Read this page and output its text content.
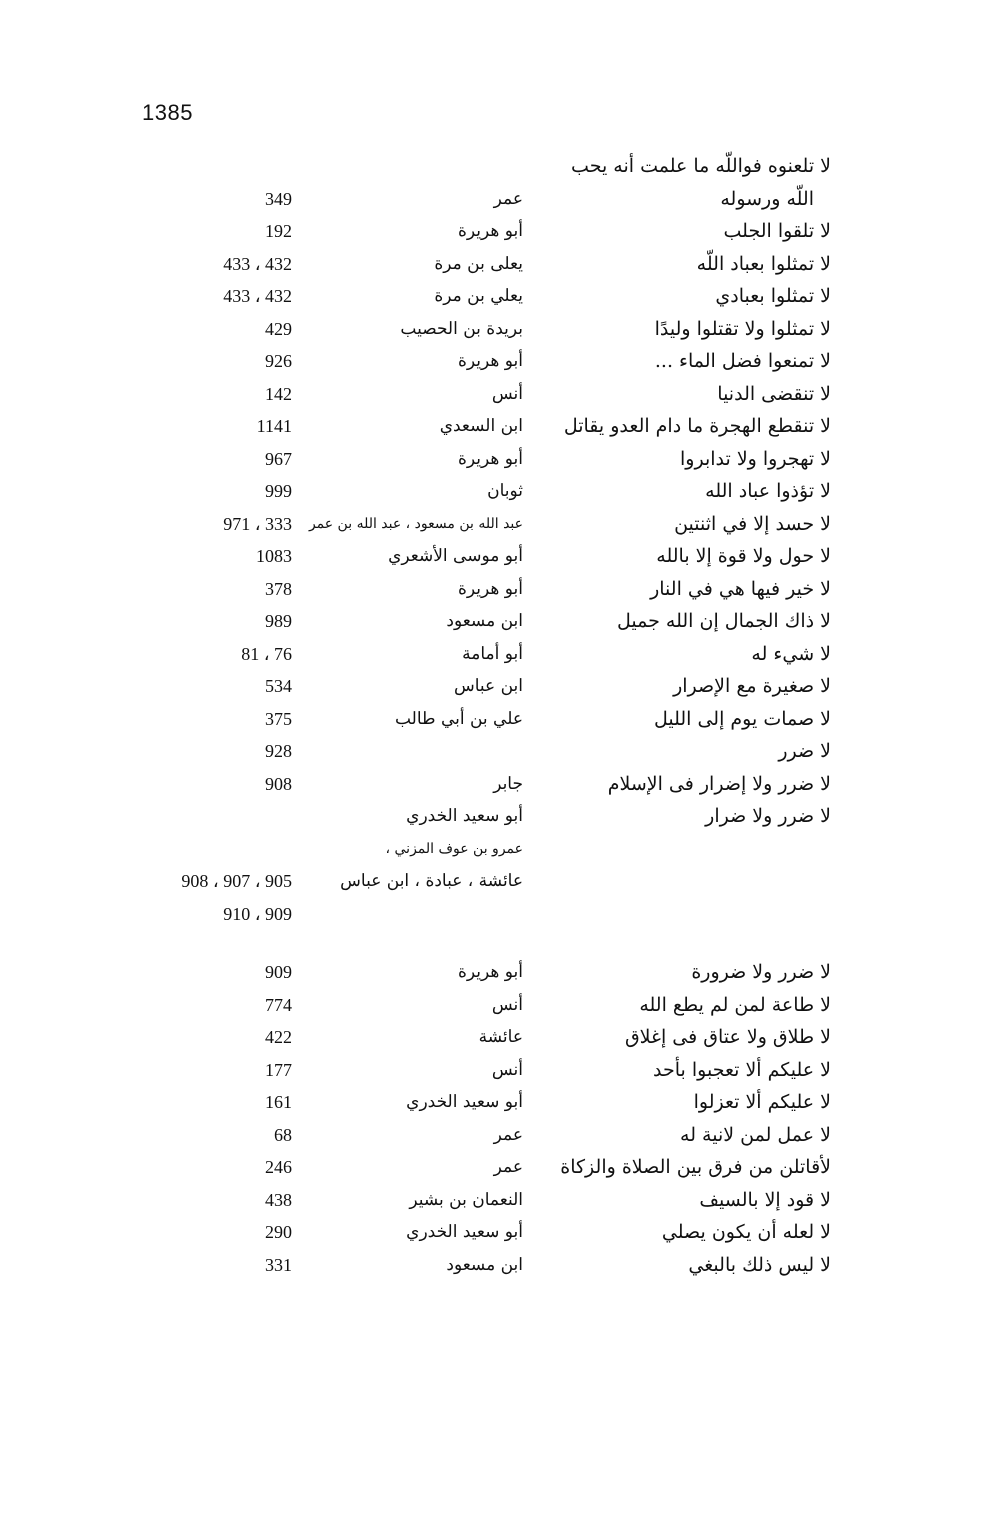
1385
لا تلعنوه فواللّه ما علمت أنه يحب
اللّه ورسوله
عمر
349
لا تلقوا الجلب
أبو هريرة
192
لا تمثلوا بعباد اللّه
يعلى بن مرة
432 ، 433
لا تمثلوا بعبادي
يعلي بن مرة
432 ، 433
لا تمثلوا ولا تقتلوا وليدًا
بريدة بن الحصيب
429
لا تمنعوا فضل الماء ...
أبو هريرة
926
لا تنقضى الدنيا
أنس
142
لا تنقطع الهجرة ما دام العدو يقاتل
ابن السعدي
1141
لا تهجروا ولا تدابروا
أبو هريرة
967
لا تؤذوا عباد الله
ثوبان
999
لا حسد إلا في اثنتين
عبد الله بن مسعود ، عبد الله بن عمر
333 ، 971
لا حول ولا قوة إلا بالله
أبو موسى الأشعري
1083
لا خير فيها هي في النار
أبو هريرة
378
لا ذاك الجمال إن الله جميل
ابن مسعود
989
لا شيء له
أبو أمامة
76 ، 81
لا صغيرة مع الإصرار
ابن عباس
534
لا صمات يوم إلى الليل
علي بن أبي طالب
375
لا ضرر
928
لا ضرر ولا إضرار فى الإسلام
جابر
908
لا ضرر ولا ضرار
أبو سعيد الخدري
عمرو بن عوف المزني ،
عائشة ، عبادة ، ابن عباس
905 ، 907 ، 908
909 ، 910
لا ضرر ولا ضرورة
أبو هريرة
909
لا طاعة لمن لم يطع الله
أنس
774
لا طلاق ولا عتاق فى إغلاق
عائشة
422
لا عليكم ألا تعجبوا بأحد
أنس
177
لا عليكم ألا تعزلوا
أبو سعيد الخدري
161
لا عمل لمن لانية له
عمر
68
لأقاتلن من فرق بين الصلاة والزكاة
عمر
246
لا قود إلا بالسيف
النعمان بن بشير
438
لا لعله أن يكون يصلي
أبو سعيد الخدري
290
لا ليس ذلك بالبغي
ابن مسعود
331
